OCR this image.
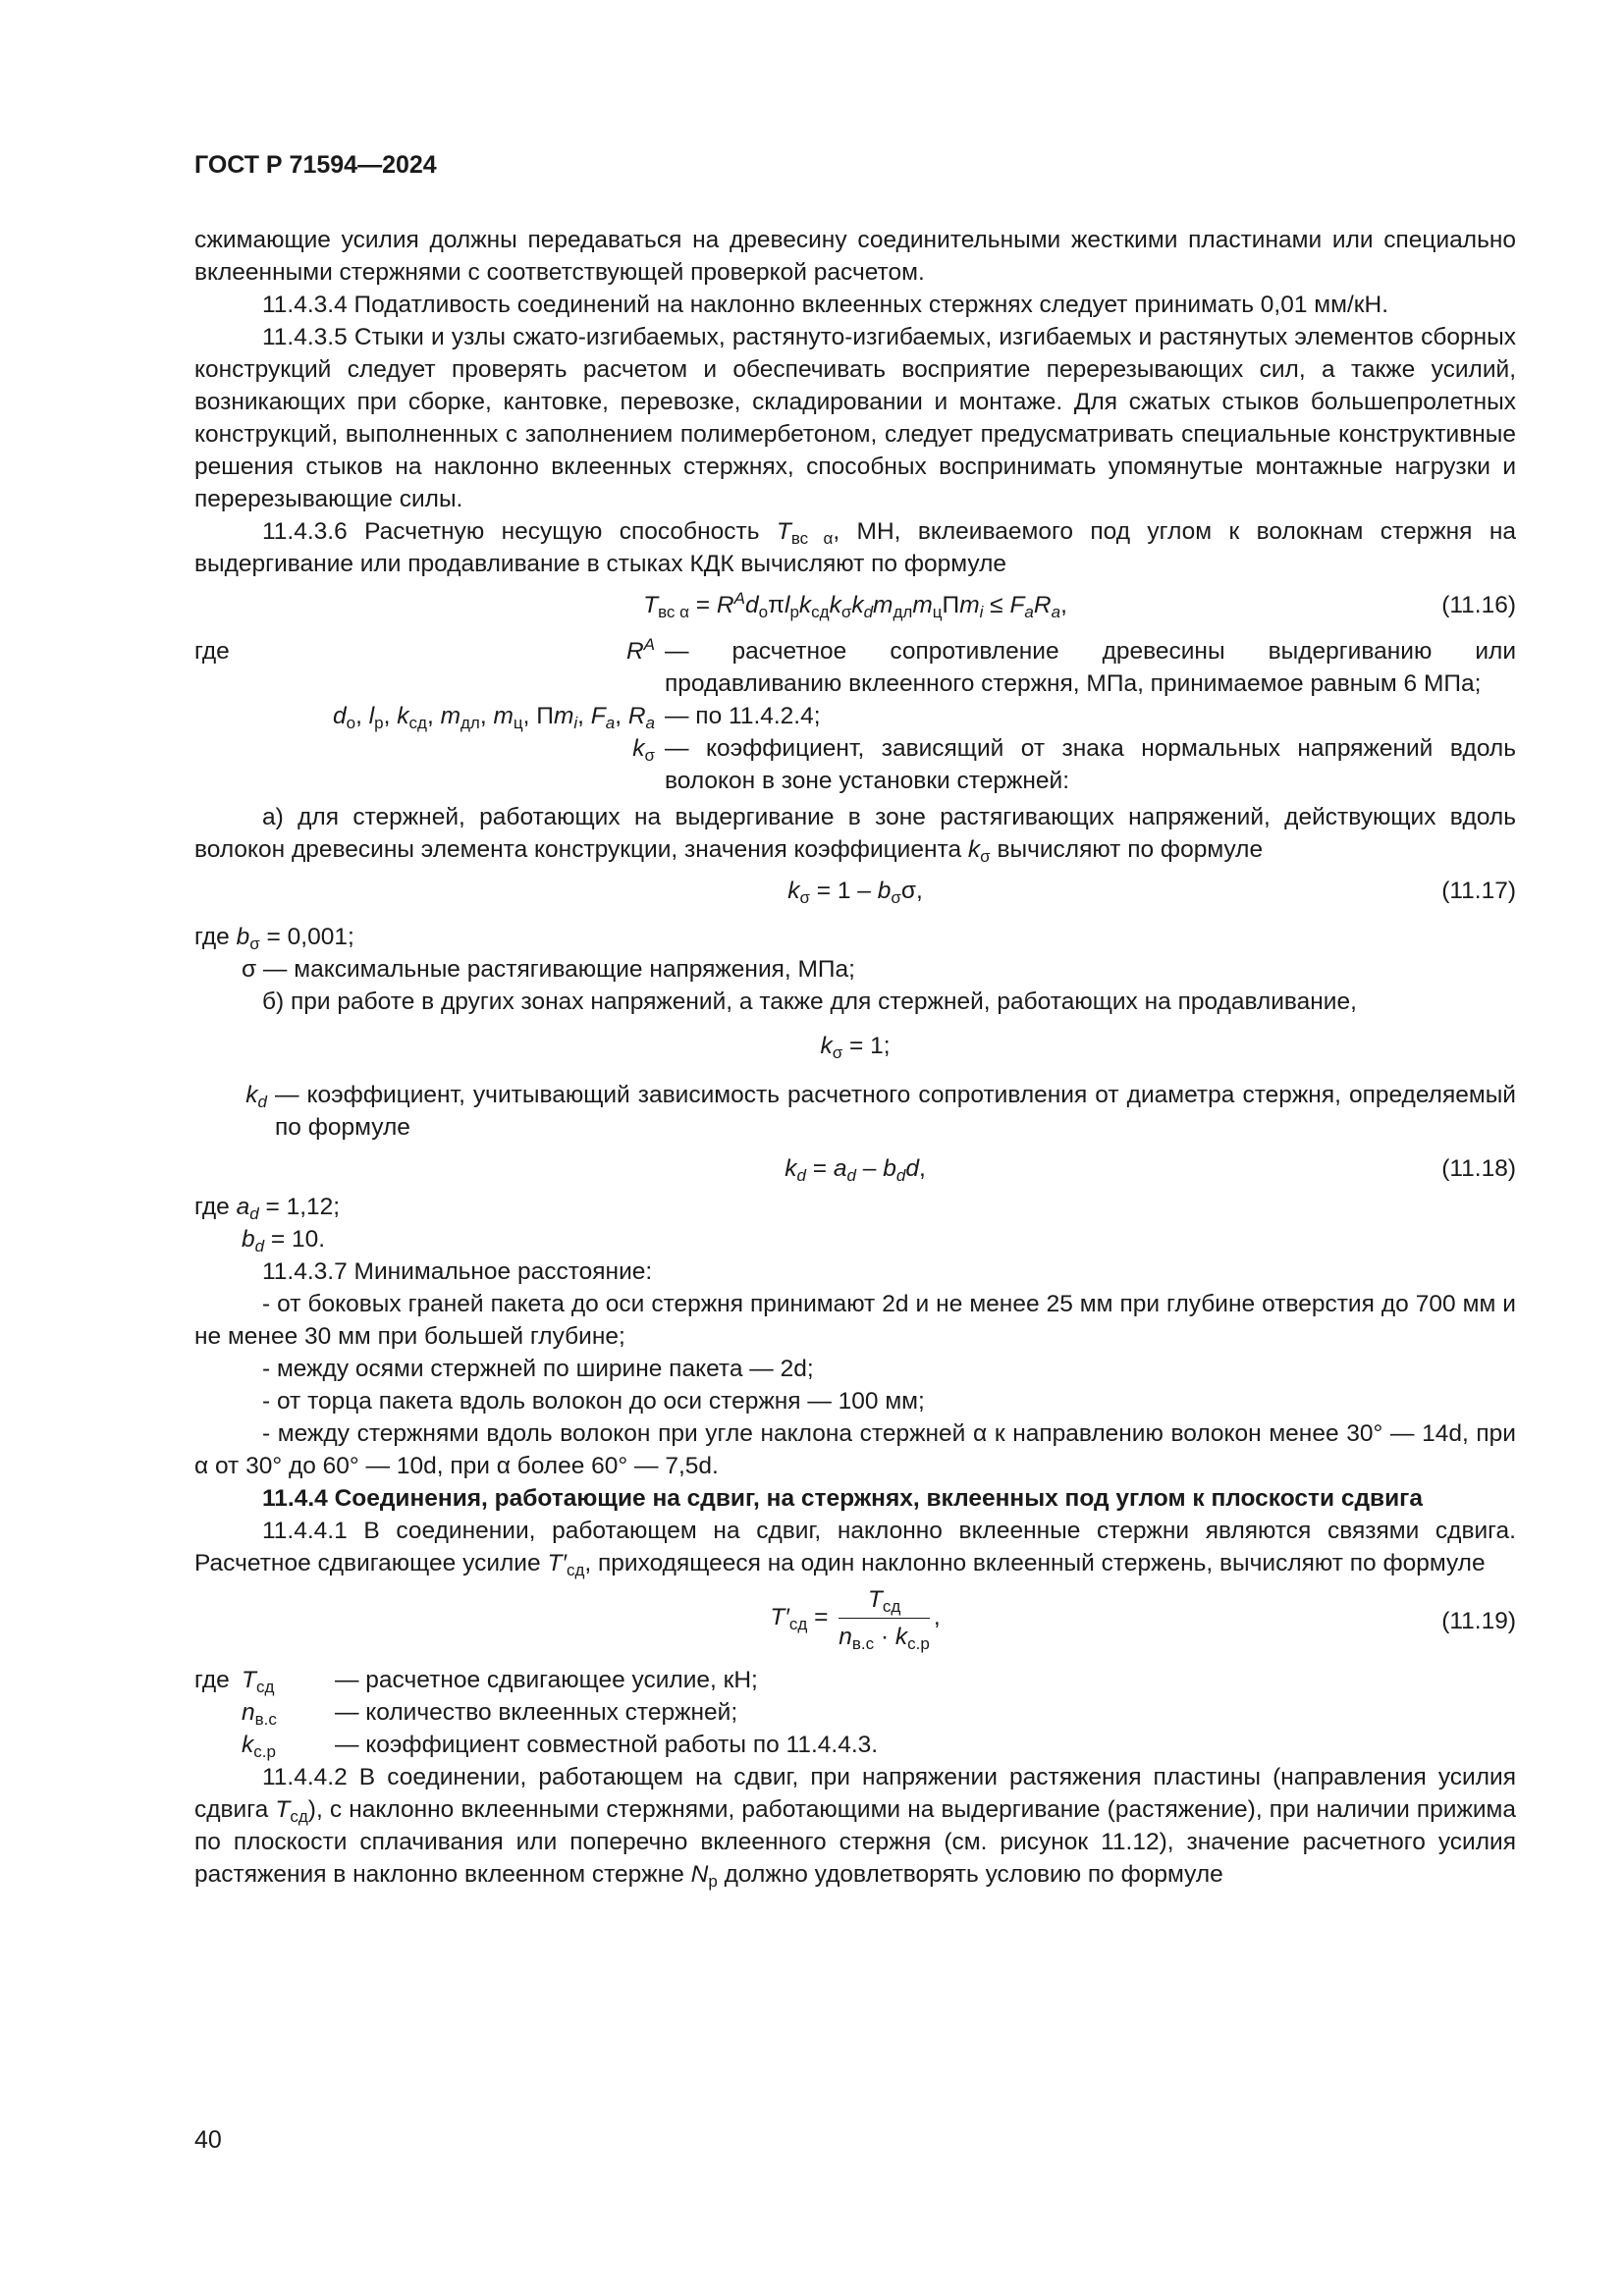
ГОСТ Р 71594—2024

сжимающие усилия должны передаваться на древесину соединительными жесткими пластинами или специально вклеенными стержнями с соответствующей проверкой расчетом.

11.4.3.4 Податливость соединений на наклонно вклеенных стержнях следует принимать 0,01 мм/кН.

11.4.3.5 Стыки и узлы сжато-изгибаемых, растянуто-изгибаемых, изгибаемых и растянутых элементов сборных конструкций следует проверять расчетом и обеспечивать восприятие перерезывающих сил, а также усилий, возникающих при сборке, кантовке, перевозке, складировании и монтаже. Для сжатых стыков большепролетных конструкций, выполненных с заполнением полимербетоном, следует предусматривать специальные конструктивные решения стыков на наклонно вклеенных стержнях, способных воспринимать упомянутые монтажные нагрузки и перерезывающие силы.

11.4.3.6 Расчетную несущую способность $T_{вс \alpha}$, МН, вклеиваемого под углом к волокнам стержня на выдергивание или продавливание в стыках КДК вычисляют по формуле

$T_{вс \alpha} = R^Ad_о\pi l_рk_{сд}k_\sigma k_dm_{дл}m_ц\Pi m_i \le F_aR_a$,	(11.16)
где	$R^A$ — расчетное сопротивление древесины выдергиванию или продавливанию вклеенного стержня, МПа, принимаемое равным 6 МПа;
$d_о$, $l_р$, $k_{сд}$, $m_{дл}$, $m_ц$, $\Pi m_i$, $F_a$, $R_a$ — по 11.4.2.4;
$k_\sigma$ — коэффициент, зависящий от знака нормальных напряжений вдоль волокон в зоне установки стержней:

а) для стержней, работающих на выдергивание в зоне растягивающих напряжений, действующих вдоль волокон древесины элемента конструкции, значения коэффициента $k_\sigma$ вычисляют по формуле

$k_\sigma = 1 - b_\sigma\sigma$,	(11.17)

где $b_\sigma = 0,001$;

σ — максимальные растягивающие напряжения, МПа;

б) при работе в других зонах напряжений, а также для стержней, работающих на продавливание,

$k_\sigma = 1$;
$k_d$ — коэффициент, учитывающий зависимость расчетного сопротивления от диаметра стержня, определяемый по формуле
$k_d = a_d - b_dd$,	(11.18)

где $a_d = 1,12$;

$b_d = 10$.

11.4.3.7 Минимальное расстояние:

- от боковых граней пакета до оси стержня принимают 2d и не менее 25 мм при глубине отверстия до 700 мм и не менее 30 мм при большей глубине;

- между осями стержней по ширине пакета — 2d;

- от торца пакета вдоль волокон до оси стержня — 100 мм;

- между стержнями вдоль волокон при угле наклона стержней α к направлению волокон менее 30° — 14d, при α от 30° до 60° — 10d, при α более 60° — 7,5d.

11.4.4 Соединения, работающие на сдвиг, на стержнях, вклеенных под углом к плоскости сдвига

11.4.4.1 В соединении, работающем на сдвиг, наклонно вклеенные стержни являются связями сдвига. Расчетное сдвигающее усилие $T'_{сд}$, приходящееся на один наклонно вклеенный стержень, вычисляют по формуле

$T'_{сд} = \frac{T_{сд}}{n_{в.с} \cdot k_{с.р}}$ ,	(11.19)
где $T_{сд}$	— расчетное сдвигающее усилие, кН;
$n_{в.с}$	— количество вклеенных стержней;
$k_{с.р}$	— коэффициент совместной работы по 11.4.4.3.

11.4.4.2 В соединении, работающем на сдвиг, при напряжении растяжения пластины (направления усилия сдвига $T_{сд}$), с наклонно вклеенными стержнями, работающими на выдергивание (растяжение), при наличии прижима по плоскости сплачивания или поперечно вклеенного стержня (см. рисунок 11.12), значение расчетного усилия растяжения в наклонно вклеенном стержне $N_р$ должно удовлетворять условию по формуле

40
